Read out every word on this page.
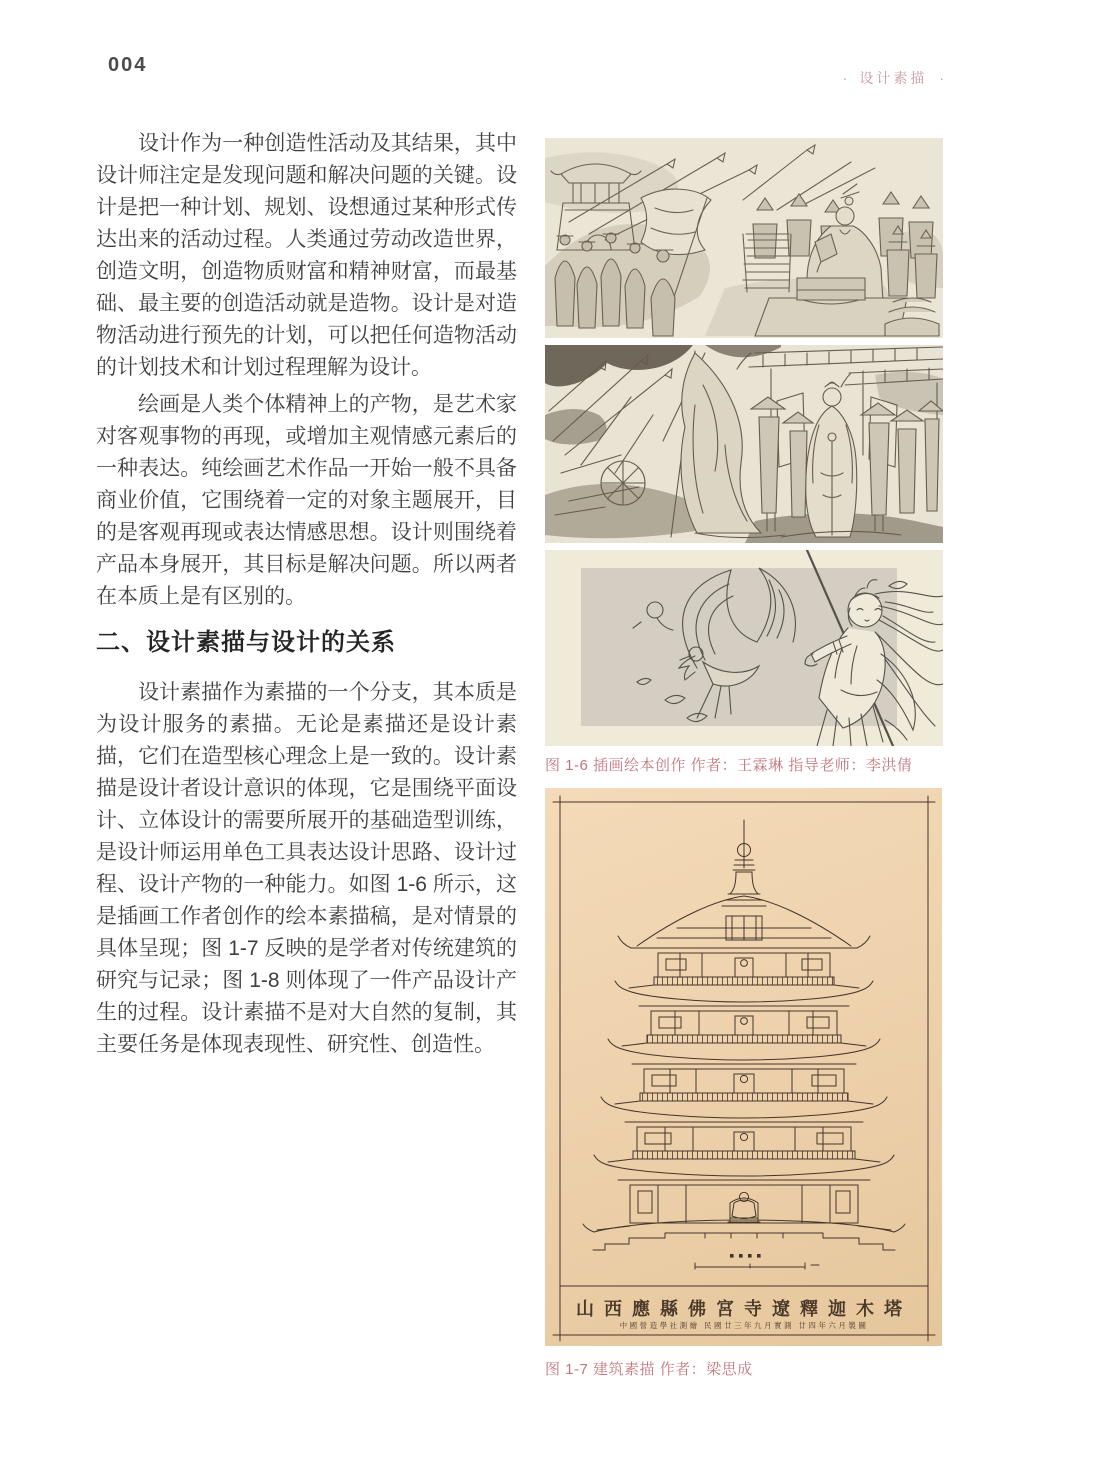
004
· 设计素描 ·

设计作为一种创造性活动及其结果，其中设计师注定是发现问题和解决问题的关键。设计是把一种计划、规划、设想通过某种形式传达出来的活动过程。人类通过劳动改造世界，创造文明，创造物质财富和精神财富，而最基础、最主要的创造活动就是造物。设计是对造物活动进行预先的计划，可以把任何造物活动的计划技术和计划过程理解为设计。

绘画是人类个体精神上的产物，是艺术家对客观事物的再现，或增加主观情感元素后的一种表达。纯绘画艺术作品一开始一般不具备商业价值，它围绕着一定的对象主题展开，目的是客观再现或表达情感思想。设计则围绕着产品本身展开，其目标是解决问题。所以两者在本质上是有区别的。

二、设计素描与设计的关系

设计素描作为素描的一个分支，其本质是为设计服务的素描。无论是素描还是设计素描，它们在造型核心理念上是一致的。设计素描是设计者设计意识的体现，它是围绕平面设计、立体设计的需要所展开的基础造型训练，是设计师运用单色工具表达设计思路、设计过程、设计产物的一种能力。如图 1-6 所示，这是插画工作者创作的绘本素描稿，是对情景的具体呈现；图 1-7 反映的是学者对传统建筑的研究与记录；图 1-8 则体现了一件产品设计产生的过程。设计素描不是对大自然的复制，其主要任务是体现表现性、研究性、创造性。

图 1-6 插画绘本创作 作者：王霖琳 指导老师：李洪倩
山西應縣佛宮寺遼釋迦木塔
中國營造學社測繪 民國廿三年九月實測 廿四年六月製圖
图 1-7 建筑素描 作者：梁思成
